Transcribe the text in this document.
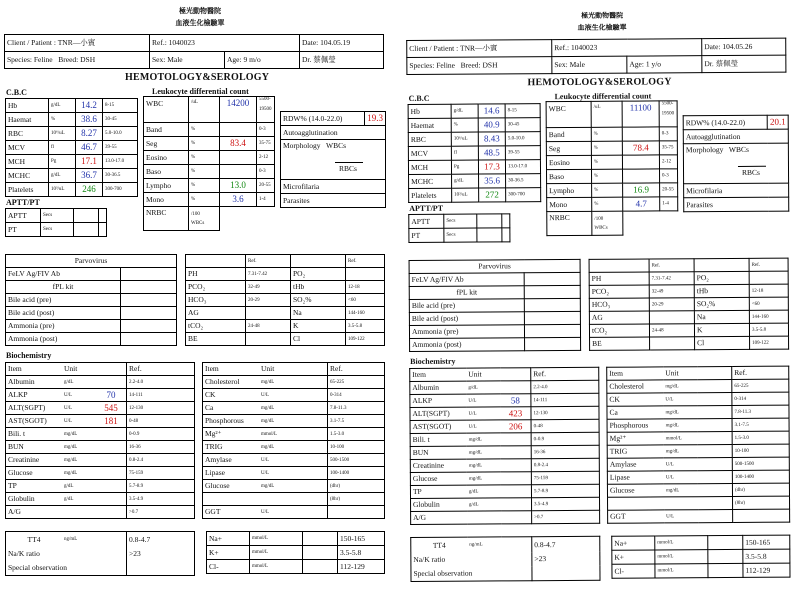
極光動物醫院
血液生化檢驗單
Client / Patient : TNR—小賓	Ref.: 1040023		Date: 104.05.19
Species: Feline Breed: DSH	Sex: Male	Age: 9 m/o	Dr. 蔡佩瑩
HEMOTOLOGY&SEROLOGY
C.B.C	Leukocyte differential count
Hb	g/dL	14.2	8-15
Haemat	%	38.6	30-45
RBC	10⁶/uL	8.27	5.0-10.0
MCV	fl	46.7	39-55
MCH	Pg	17.1	13.0-17.0
MCHC	g/dL	36.7	30-36.5
Platelets	10³/uL	246	300-700
APTT/PT
APTT	Secs		
PT	Secs		
WBC	/uL	14200	5500-
19500

Band	%		0-3
Seg	%	83.4	35-75
Eosino	%		2-12
Baso	%		0-3
Lympho	%	13.0	20-55
Mono	%	3.6	1-4
NRBC	/100
WBCs		

RDW% (14.0-22.0)	19.3
Autoagglutination
Morphology WBCs
RBCs

Microfilaria
Parasites
Parvovirus	
FeLV Ag/FIV Ab	
fPL kit	
Bile acid (pre)	
Bile acid (post)	
Ammonia (pre)	
Ammonia (post)	
	Ref.		Ref.
PH	7.31-7.42	PO₂	
PCO₂	32-49	tHb	12-18
HCO₃	20-29	SO₂%	<60
AG		Na	144-160
tCO₂	24-48	K	3.5-5.8
BE		Cl	109-122
Biochemistry
Item	Unit		Ref.
Albumin	g/dL		2.2-4.0
ALKP	U/L	70	14-111
ALT(SGPT)	U/L	545	12-130
AST(SGOT)	U/L	181	0-48
Bili. t	mg/dL		0-0.9
BUN	mg/dL		16-36
Creatinine	mg/dL		0.8-2.4
Glucose	mg/dL		75-159
TP	g/dL		5.7-8.9
Globulin	g/dL		3.5-4.9
A/G			>0.7
Item	Unit		Ref.
Cholesterol	mg/dL		65-225
CK	U/L		0-314
Ca	mg/dL		7.8-11.3
Phosphorous	mg/dL		3.1-7.5
Mg²⁺	mmol/L		1.5-3.0
TRIG	mg/dL		10-100
Amylase	U/L		500-1500
Lipase	U/L		100-1400
Glucose	mg/dL		(dhr)
			(8hr)
GGT	U/L		
TT4	ng/mL		0.8-4.7
Na/K ratio			>23
Special observation			
Na+	mmol/L		150-165
K+	mmol/L		3.5-5.8
Cl-	mmol/L		112-129
極光動物醫院
血液生化檢驗單
Client / Patient : TNR—小賓	Ref.: 1040023		Date: 104.05.26
Species: Feline Breed: DSH	Sex: Male	Age: 1 y/o	Dr. 蔡佩瑩
HEMOTOLOGY&SEROLOGY
C.B.C	Leukocyte differential count
Hb	g/dL	14.6	8-15
Haemat	%	40.9	30-45
RBC	10⁶/uL	8.43	5.0-10.0
MCV	fl	48.5	39-55
MCH	Pg	17.3	13.0-17.0
MCHC	g/dL	35.6	30-36.5
Platelets	10³/uL	272	300-700
APTT/PT
APTT	Secs		
PT	Secs		
WBC	/uL	11100	5500-
19500

Band	%		0-3
Seg	%	78.4	35-75
Eosino	%		2-12
Baso	%		0-3
Lympho	%	16.9	20-55
Mono	%	4.7	1-4
NRBC	/100
WBCs		

RDW% (14.0-22.0)	20.1
Autoagglutination
Morphology WBCs
RBCs

Microfilaria
Parasites
Parvovirus	
FeLV Ag/FIV Ab	
fPL kit	
Bile acid (pre)	
Bile acid (post)	
Ammonia (pre)	
Ammonia (post)	
	Ref.		Ref.
PH	7.31-7.42	PO₂	
PCO₂	32-49	tHb	12-18
HCO₃	20-29	SO₂%	<60
AG		Na	144-160
tCO₂	24-48	K	3.5-5.8
BE		Cl	109-122
Biochemistry
Item	Unit		Ref.
Albumin	g/dL		2.2-4.0
ALKP	U/L	58	14-111
ALT(SGPT)	U/L	423	12-130
AST(SGOT)	U/L	206	0-48
Bili. t	mg/dL		0-0.9
BUN	mg/dL		16-36
Creatinine	mg/dL		0.8-2.4
Glucose	mg/dL		75-159
TP	g/dL		5.7-8.9
Globulin	g/dL		3.5-4.9
A/G			>0.7
Item	Unit		Ref.
Cholesterol	mg/dL		65-225
CK	U/L		0-314
Ca	mg/dL		7.8-11.3
Phosphorous	mg/dL		3.1-7.5
Mg²⁺	mmol/L		1.5-3.0
TRIG	mg/dL		10-100
Amylase	U/L		500-1500
Lipase	U/L		100-1400
Glucose	mg/dL		(dhr)
			(8hr)
GGT	U/L		
TT4	ng/mL		0.8-4.7
Na/K ratio			>23
Special observation			
Na+	mmol/L		150-165
K+	mmol/L		3.5-5.8
Cl-	mmol/L		112-129
